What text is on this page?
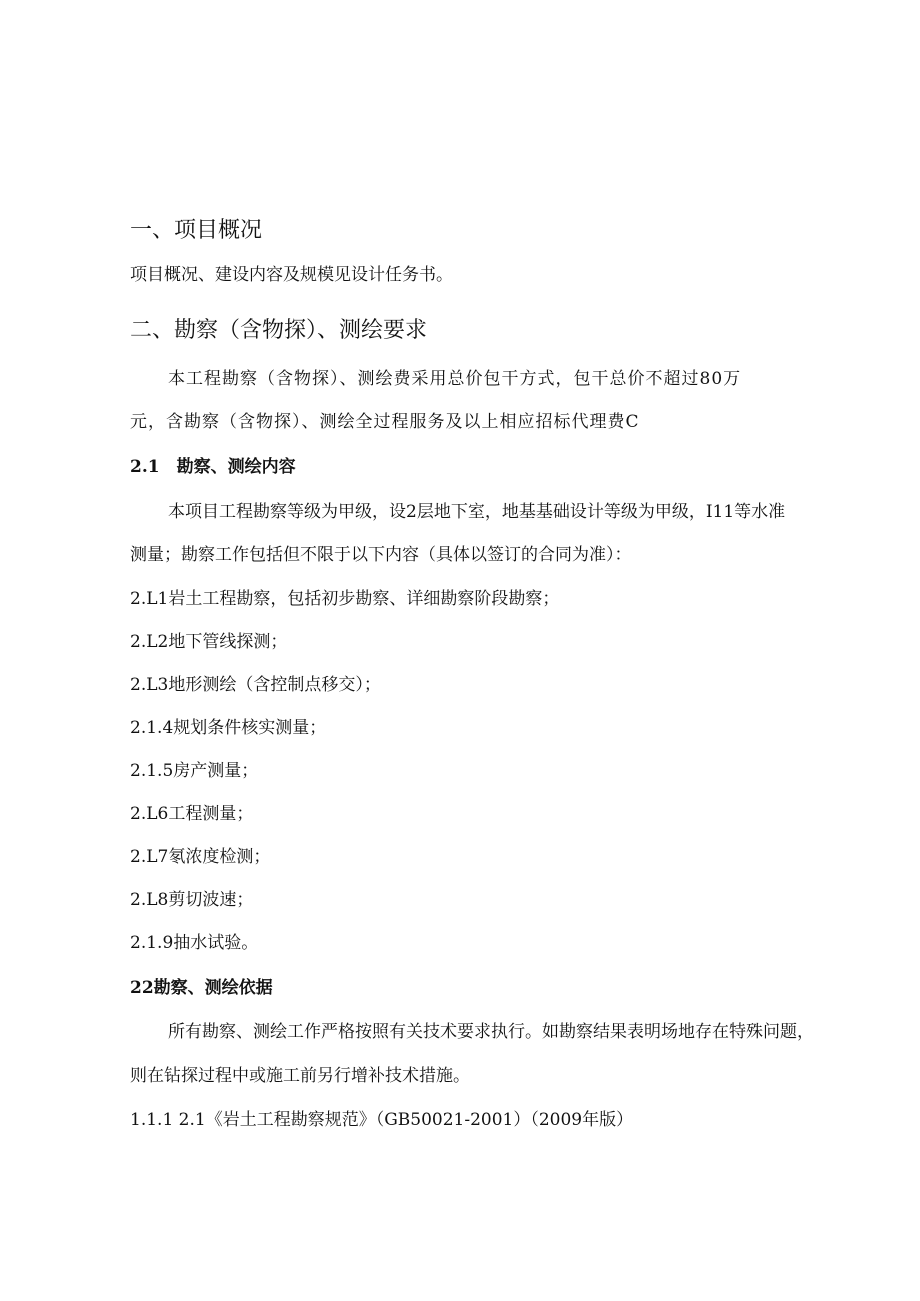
一、项目概况
项目概况、建设内容及规模见设计任务书。
二、勘察（含物探）、测绘要求
本工程勘察（含物探）、测绘费采用总价包干方式，包干总价不超过80万
元，含勘察（含物探）、测绘全过程服务及以上相应招标代理费C
2.1　勘察、测绘内容
本项目工程勘察等级为甲级，设2层地下室，地基基础设计等级为甲级，I11等水准
测量；勘察工作包括但不限于以下内容（具体以签订的合同为准）：
2.L1岩土工程勘察，包括初步勘察、详细勘察阶段勘察；
2.L2地下管线探测；
2.L3地形测绘（含控制点移交）；
2.1.4规划条件核实测量；
2.1.5房产测量；
2.L6工程测量；
2.L7氡浓度检测；
2.L8剪切波速；
2.1.9抽水试验。
22勘察、测绘依据
所有勘察、测绘工作严格按照有关技术要求执行。如勘察结果表明场地存在特殊问题，
则在钻探过程中或施工前另行增补技术措施。
1.1.1 2.1《岩土工程勘察规范》（GB50021-2001）（2009年版）
